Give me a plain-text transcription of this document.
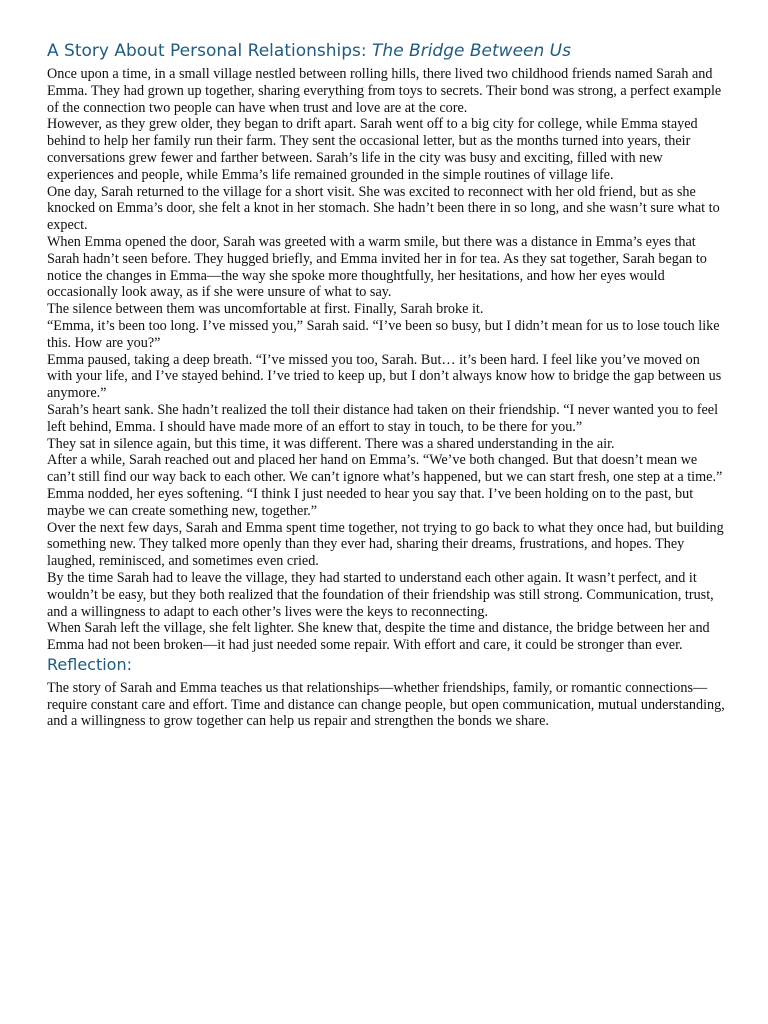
A Story About Personal Relationships: The Bridge Between Us

Once upon a time, in a small village nestled between rolling hills, there lived two childhood friends named Sarah and Emma. They had grown up together, sharing everything from toys to secrets. Their bond was strong, a perfect example of the connection two people can have when trust and love are at the core.

However, as they grew older, they began to drift apart. Sarah went off to a big city for college, while Emma stayed behind to help her family run their farm. They sent the occasional letter, but as the months turned into years, their conversations grew fewer and farther between. Sarah’s life in the city was busy and exciting, filled with new experiences and people, while Emma’s life remained grounded in the simple routines of village life.

One day, Sarah returned to the village for a short visit. She was excited to reconnect with her old friend, but as she knocked on Emma’s door, she felt a knot in her stomach. She hadn’t been there in so long, and she wasn’t sure what to expect.

When Emma opened the door, Sarah was greeted with a warm smile, but there was a distance in Emma’s eyes that Sarah hadn’t seen before. They hugged briefly, and Emma invited her in for tea. As they sat together, Sarah began to notice the changes in Emma—the way she spoke more thoughtfully, her hesitations, and how her eyes would occasionally look away, as if she were unsure of what to say.

The silence between them was uncomfortable at first. Finally, Sarah broke it.

“Emma, it’s been too long. I’ve missed you,” Sarah said. “I’ve been so busy, but I didn’t mean for us to lose touch like this. How are you?”

Emma paused, taking a deep breath. “I’ve missed you too, Sarah. But… it’s been hard. I feel like you’ve moved on with your life, and I’ve stayed behind. I’ve tried to keep up, but I don’t always know how to bridge the gap between us anymore.”

Sarah’s heart sank. She hadn’t realized the toll their distance had taken on their friendship. “I never wanted you to feel left behind, Emma. I should have made more of an effort to stay in touch, to be there for you.”

They sat in silence again, but this time, it was different. There was a shared understanding in the air.

After a while, Sarah reached out and placed her hand on Emma’s. “We’ve both changed. But that doesn’t mean we can’t still find our way back to each other. We can’t ignore what’s happened, but we can start fresh, one step at a time.”

Emma nodded, her eyes softening. “I think I just needed to hear you say that. I’ve been holding on to the past, but maybe we can create something new, together.”

Over the next few days, Sarah and Emma spent time together, not trying to go back to what they once had, but building something new. They talked more openly than they ever had, sharing their dreams, frustrations, and hopes. They laughed, reminisced, and sometimes even cried.

By the time Sarah had to leave the village, they had started to understand each other again. It wasn’t perfect, and it wouldn’t be easy, but they both realized that the foundation of their friendship was still strong. Communication, trust, and a willingness to adapt to each other’s lives were the keys to reconnecting.

When Sarah left the village, she felt lighter. She knew that, despite the time and distance, the bridge between her and Emma had not been broken—it had just needed some repair. With effort and care, it could be stronger than ever.

Reflection:

The story of Sarah and Emma teaches us that relationships—whether friendships, family, or romantic connections—require constant care and effort. Time and distance can change people, but open communication, mutual understanding, and a willingness to grow together can help us repair and strengthen the bonds we share.
